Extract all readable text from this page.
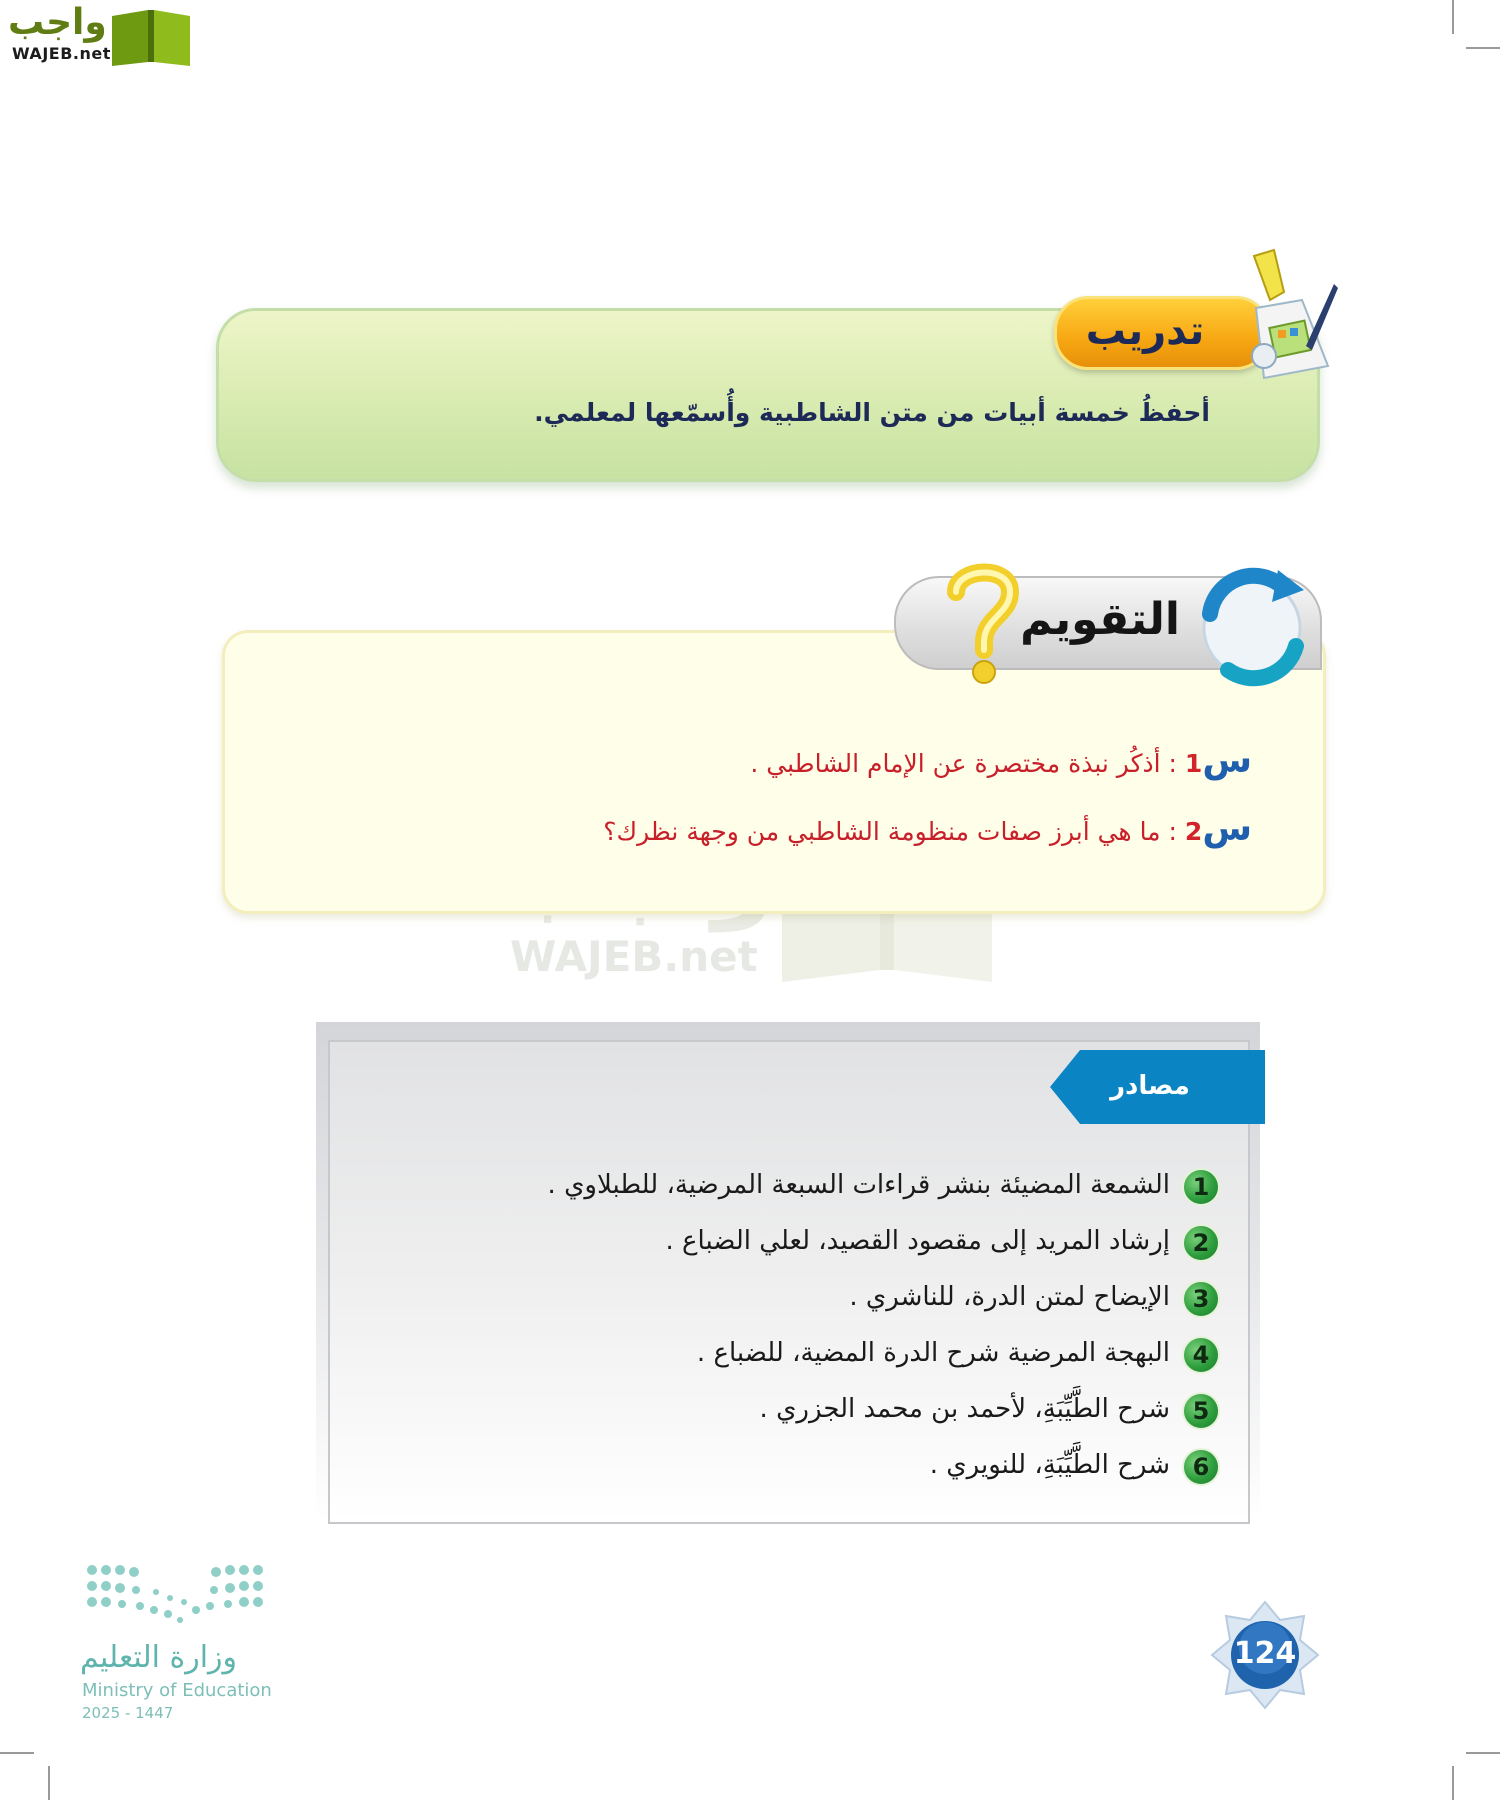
واجب
WAJEB.net
WAJEB.net
تدريب
أحفظُ خمسة أبيات من متن الشاطبية وأُسمّعها لمعلمي.
التقويم
س1 : أذكُر نبذة مختصرة عن الإمام الشاطبي .
س2 : ما هي أبرز صفات منظومة الشاطبي من وجهة نظرك؟
مصادر
الشمعة المضيئة بنشر قراءات السبعة المرضية، للطبلاوي . 1
إرشاد المريد إلى مقصود القصيد، لعلي الضباع . 2
الإيضاح لمتن الدرة، للناشري . 3
البهجة المرضية شرح الدرة المضية، للضباع . 4
شرح الطَّيِّبَةِ، لأحمد بن محمد الجزري . 5
شرح الطَّيِّبَةِ، للنويري . 6
وزارة التعليم
Ministry of Education
2025 - 1447
124
